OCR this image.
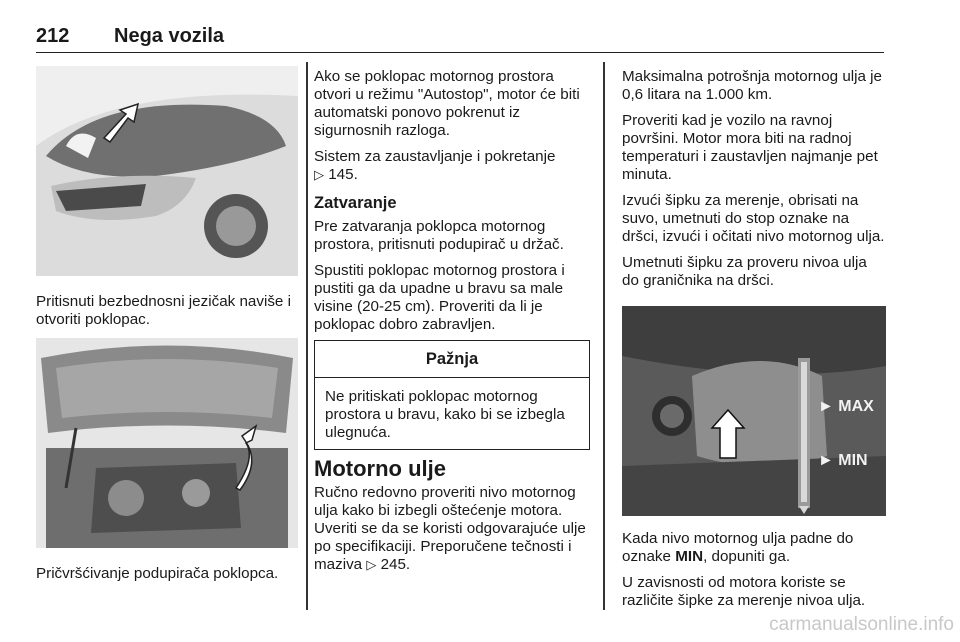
212 Nega vozila

Pritisnuti bezbednosni jezičak naviše i otvoriti poklopac.

Pričvršćivanje podupirača poklopca.

Ako se poklopac motornog prostora otvori u režimu "Autostop", motor će biti automatski ponovo pokrenut iz sigurnosnih razloga.

Sistem za zaustavljanje i pokretanje
▷ 145.

Zatvaranje

Pre zatvaranja poklopca motornog prostora, pritisnuti podupirač u držač.

Spustiti poklopac motornog prostora i pustiti ga da upadne u bravu sa male visine (20-25 cm). Proveriti da li je poklopac dobro zabravljen.

Pažnja
Ne pritiskati poklopac motornog prostora u bravu, kako bi se izbegla ulegnuća.
Motorno ulje

Ručno redovno proveriti nivo motornog ulja kako bi izbegli oštećenje motora. Uveriti se da se koristi odgovarajuće ulje po specifikaciji. Preporučene tečnosti i maziva ▷ 245.

Maksimalna potrošnja motornog ulja je 0,6 litara na 1.000 km.

Proveriti kad je vozilo na ravnoj površini. Motor mora biti na radnoj temperaturi i zaustavljen najmanje pet minuta.

Izvući šipku za merenje, obrisati na suvo, umetnuti do stop oznake na dršci, izvući i očitati nivo motornog ulja.

Umetnuti šipku za proveru nivoa ulja do graničnika na dršci.

► MAX
► MIN

Kada nivo motornog ulja padne do oznake MIN, dopuniti ga.

U zavisnosti od motora koriste se različite šipke za merenje nivoa ulja.

carmanualsonline.info
